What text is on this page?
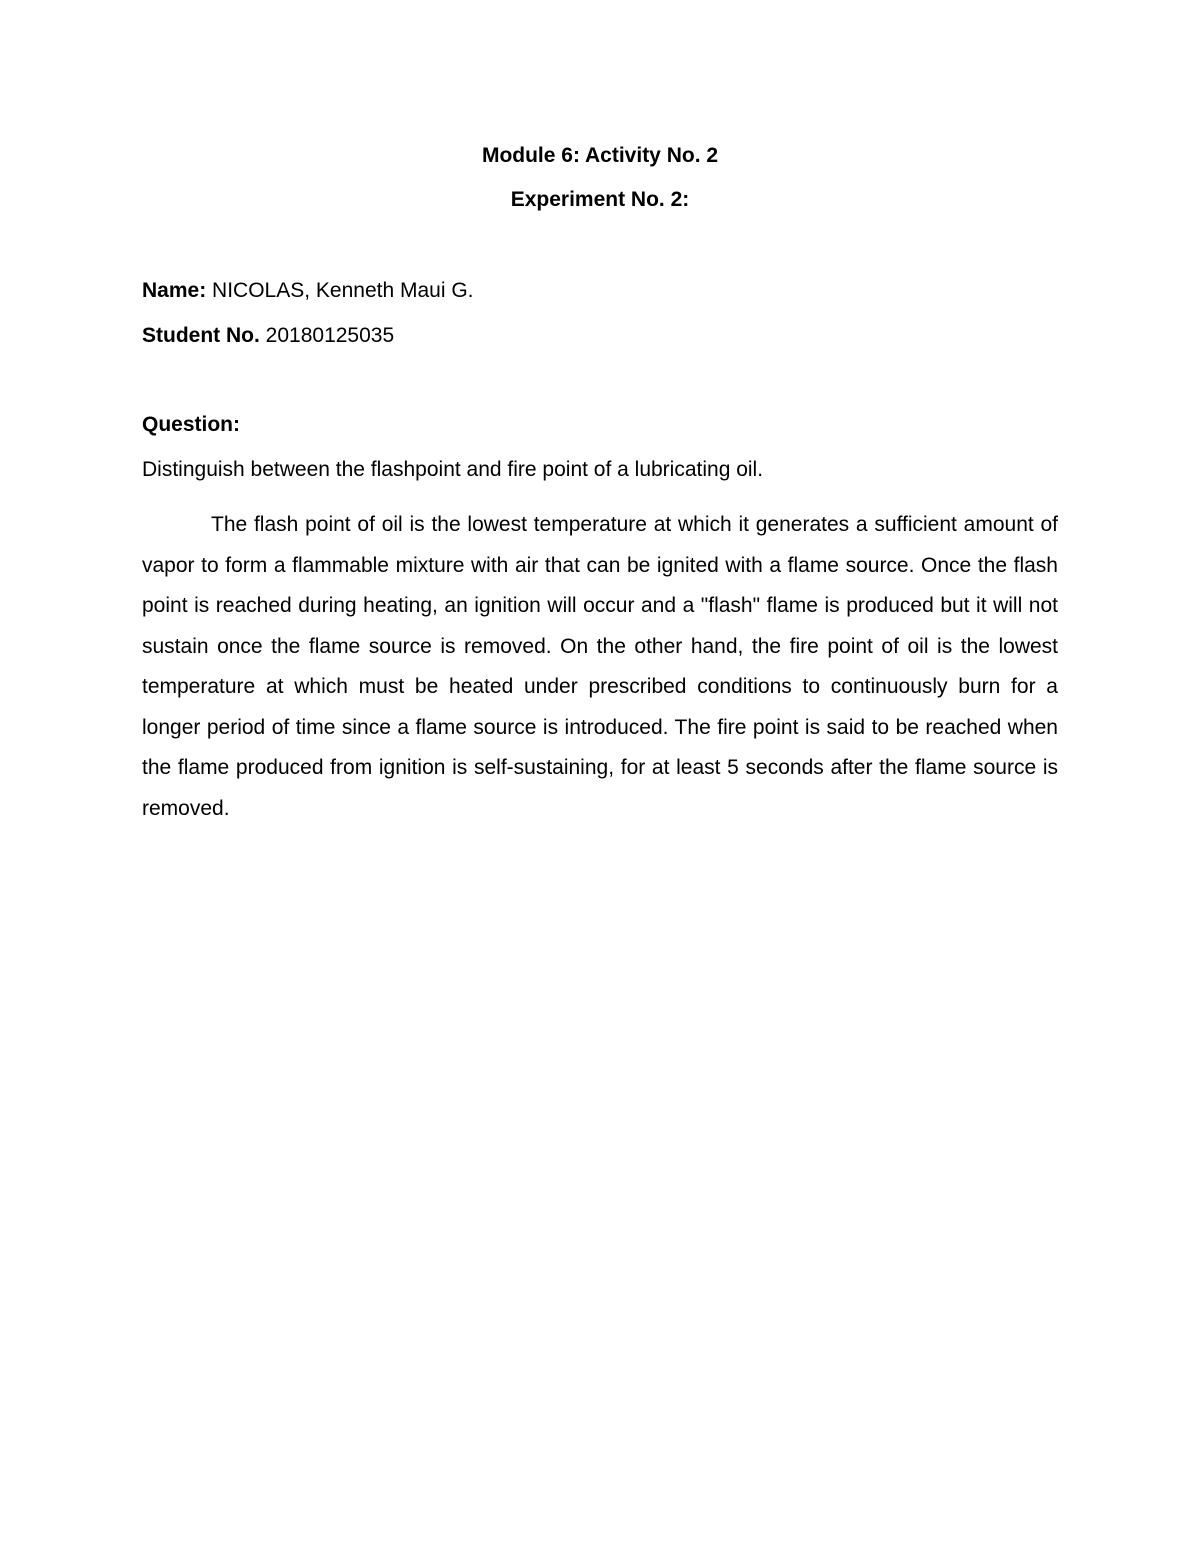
Module 6: Activity No. 2
Experiment No. 2:
Name: NICOLAS, Kenneth Maui G.
Student No. 20180125035
Question:
Distinguish between the flashpoint and fire point of a lubricating oil.

The flash point of oil is the lowest temperature at which it generates a sufficient amount of vapor to form a flammable mixture with air that can be ignited with a flame source. Once the flash point is reached during heating, an ignition will occur and a "flash" flame is produced but it will not sustain once the flame source is removed. On the other hand, the fire point of oil is the lowest temperature at which must be heated under prescribed conditions to continuously burn for a longer period of time since a flame source is introduced. The fire point is said to be reached when the flame produced from ignition is self-sustaining, for at least 5 seconds after the flame source is removed.
